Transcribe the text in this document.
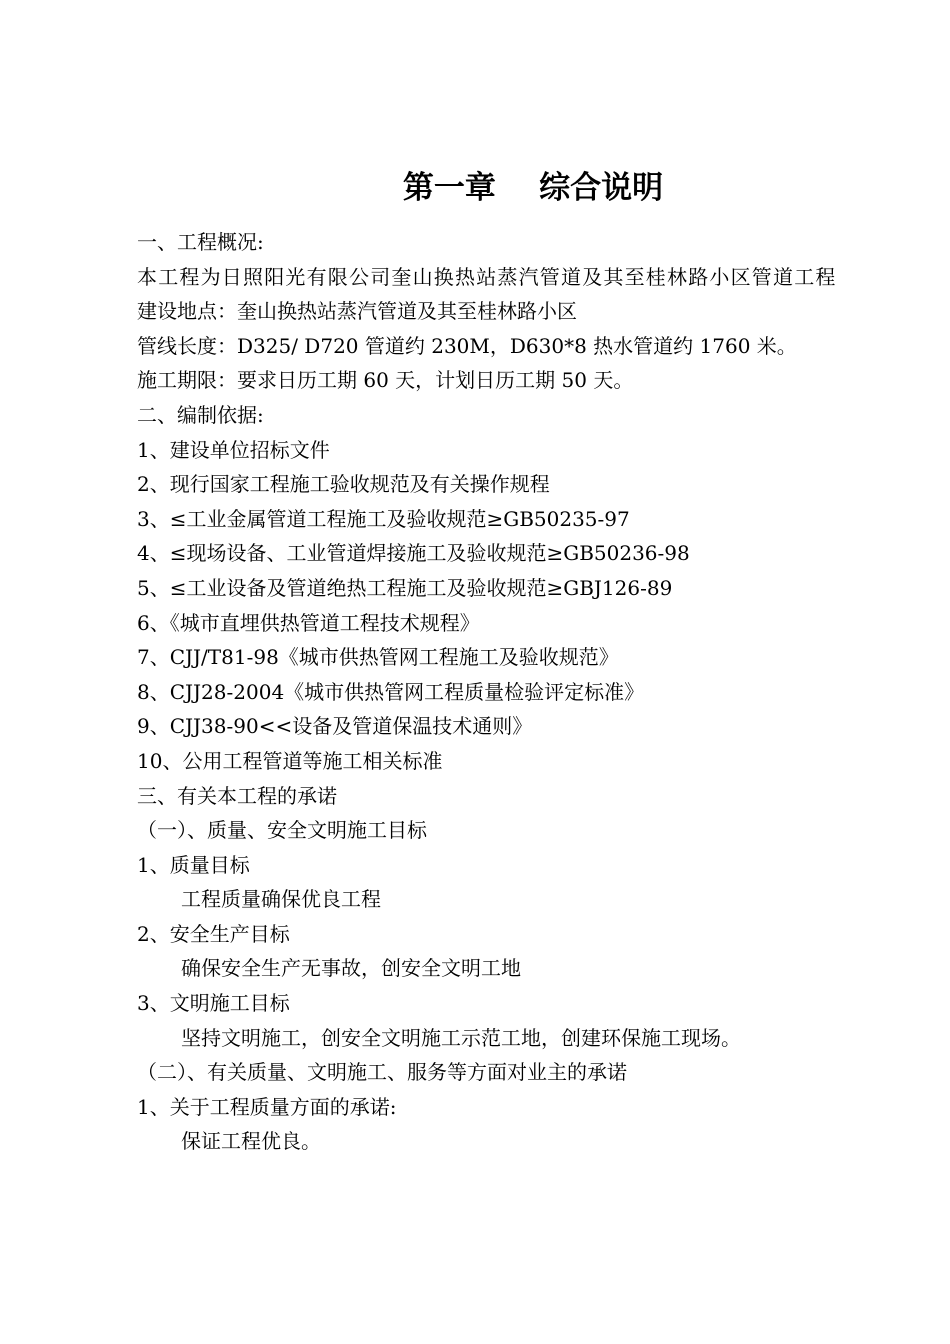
第一章    综合说明
一、工程概况:
本工程为日照阳光有限公司奎山换热站蒸汽管道及其至桂林路小区管道工程
建设地点：奎山换热站蒸汽管道及其至桂林路小区
管线长度：D325/ D720 管道约 230M，D630*8 热水管道约 1760 米。
施工期限：要求日历工期 60 天，计划日历工期 50 天。
二、编制依据:
1、建设单位招标文件
2、现行国家工程施工验收规范及有关操作规程
3、≤工业金属管道工程施工及验收规范≥GB50235-97
4、≤现场设备、工业管道焊接施工及验收规范≥GB50236-98
5、≤工业设备及管道绝热工程施工及验收规范≥GBJ126-89
6、《城市直埋供热管道工程技术规程》
7、CJJ/T81-98《城市供热管网工程施工及验收规范》
8、CJJ28-2004《城市供热管网工程质量检验评定标准》
9、CJJ38-90<<设备及管道保温技术通则》
10、公用工程管道等施工相关标准
三、有关本工程的承诺
（一）、质量、安全文明施工目标
1、质量目标
工程质量确保优良工程
2、安全生产目标
确保安全生产无事故，创安全文明工地
3、文明施工目标
坚持文明施工，创安全文明施工示范工地，创建环保施工现场。
（二）、有关质量、文明施工、服务等方面对业主的承诺
1、关于工程质量方面的承诺:
保证工程优良。
